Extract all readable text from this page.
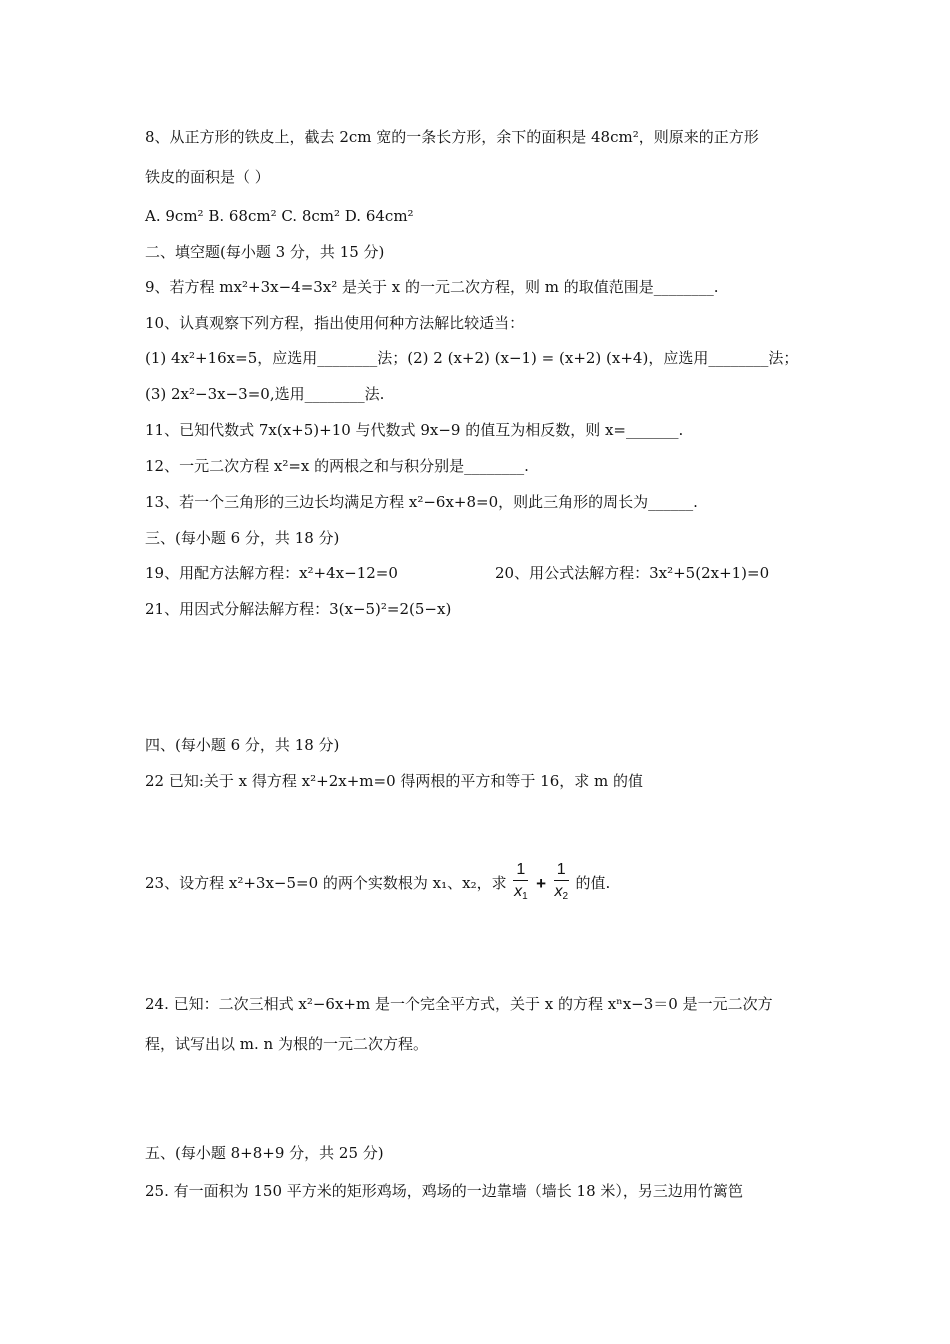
8、从正方形的铁皮上，截去 2cm 宽的一条长方形，余下的面积是 48cm²，则原来的正方形
铁皮的面积是（ ）
A. 9cm² B. 68cm² C. 8cm² D. 64cm²
二、填空题(每小题 3 分，共 15 分)
9、若方程 mx²+3x−4=3x² 是关于 x 的一元二次方程，则 m 的取值范围是________.
10、认真观察下列方程，指出使用何种方法解比较适当：
(1) 4x²+16x=5，应选用________法；(2) 2 (x+2) (x−1) = (x+2) (x+4)，应选用________法；
(3) 2x²−3x−3=0,选用________法.
11、已知代数式 7x(x+5)+10 与代数式 9x−9 的值互为相反数，则 x=_______.
12、一元二次方程 x²=x 的两根之和与积分别是________.
13、若一个三角形的三边长均满足方程 x²−6x+8=0，则此三角形的周长为______.
三、(每小题 6 分，共 18 分)
19、用配方法解方程：x²+4x−12=0	20、用公式法解方程：3x²+5(2x+1)=0
21、用因式分解法解方程：3(x−5)²=2(5−x)
四、(每小题 6 分，共 18 分)
22 已知:关于 x 得方程 x²+2x+m=0 得两根的平方和等于 16，求 m 的值
23、设方程 x²+3x−5=0 的两个实数根为 x₁、x₂，求 $\frac{1}{x_1} + \frac{1}{x_2}$ 的值.
24. 已知：二次三相式 x²−6x+m 是一个完全平方式，关于 x 的方程 xⁿx−3＝0 是一元二次方
程，试写出以 m. n 为根的一元二次方程。
五、(每小题 8+8+9 分，共 25 分)
25. 有一面积为 150 平方米的矩形鸡场，鸡场的一边靠墙（墙长 18 米），另三边用竹篱笆
